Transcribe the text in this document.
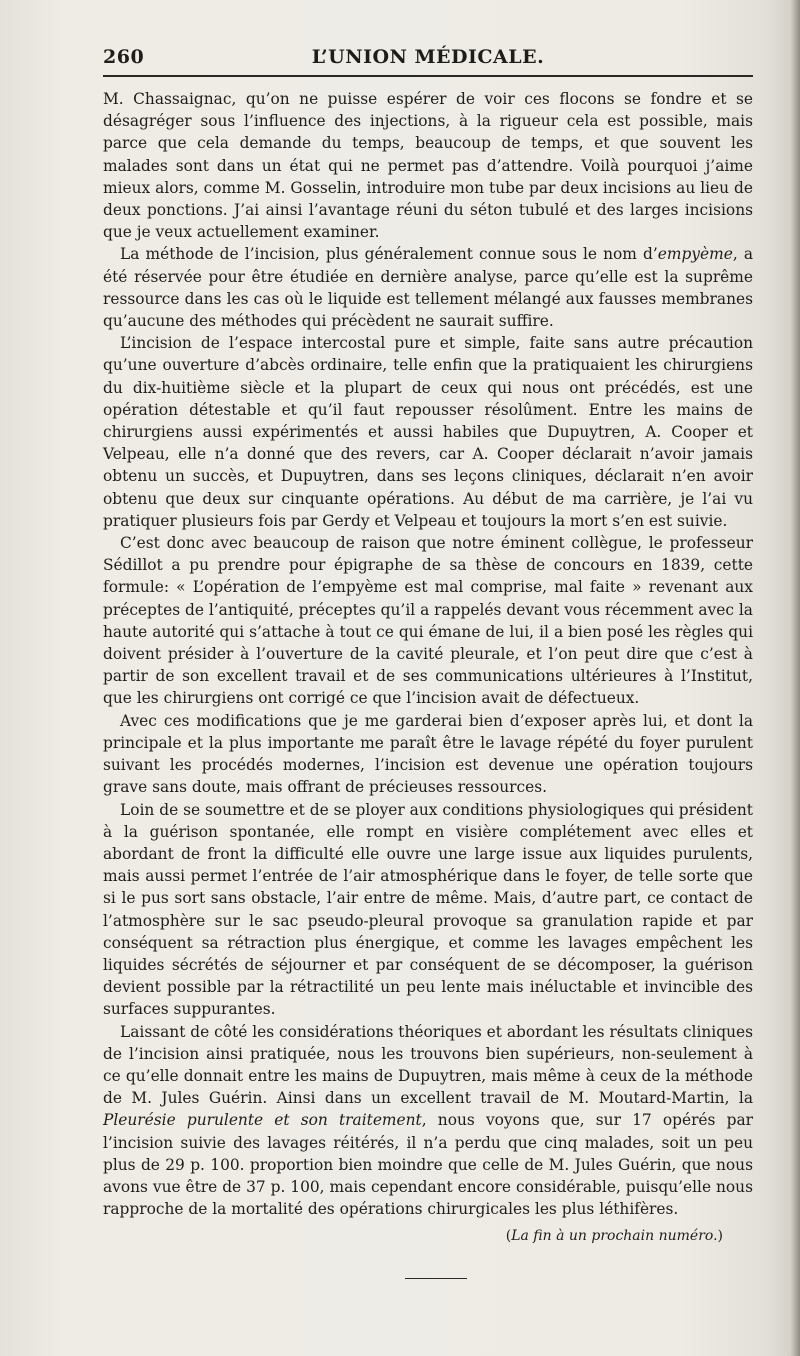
260	L’UNION MÉDICALE.

M. Chassaignac, qu’on ne puisse espérer de voir ces flocons se fondre et se désagréger sous l’influence des injections, à la rigueur cela est possible, mais parce que cela demande du temps, beaucoup de temps, et que souvent les malades sont dans un état qui ne permet pas d’attendre. Voilà pourquoi j’aime mieux alors, comme M. Gosselin, introduire mon tube par deux incisions au lieu de deux ponctions. J’ai ainsi l’avantage réuni du séton tubulé et des larges incisions que je veux actuellement examiner.

La méthode de l’incision, plus généralement connue sous le nom d’empyème, a été réservée pour être étudiée en dernière analyse, parce qu’elle est la suprême ressource dans les cas où le liquide est tellement mélangé aux fausses membranes qu’aucune des méthodes qui précèdent ne saurait suffire.

L’incision de l’espace intercostal pure et simple, faite sans autre précaution qu’une ouverture d’abcès ordinaire, telle enfin que la pratiquaient les chirurgiens du dix-huitième siècle et la plupart de ceux qui nous ont précédés, est une opération détestable et qu’il faut repousser résolûment. Entre les mains de chirurgiens aussi expérimentés et aussi habiles que Dupuytren, A. Cooper et Velpeau, elle n’a donné que des revers, car A. Cooper déclarait n’avoir jamais obtenu un succès, et Dupuytren, dans ses leçons cliniques, déclarait n’en avoir obtenu que deux sur cinquante opérations. Au début de ma carrière, je l’ai vu pratiquer plusieurs fois par Gerdy et Velpeau et toujours la mort s’en est suivie.

C’est donc avec beaucoup de raison que notre éminent collègue, le professeur Sédillot a pu prendre pour épigraphe de sa thèse de concours en 1839, cette formule: « L’opération de l’empyème est mal comprise, mal faite » revenant aux préceptes de l’antiquité, préceptes qu’il a rappelés devant vous récemment avec la haute autorité qui s’attache à tout ce qui émane de lui, il a bien posé les règles qui doivent présider à l’ouverture de la cavité pleurale, et l’on peut dire que c’est à partir de son excellent travail et de ses communications ultérieures à l’Institut, que les chirurgiens ont corrigé ce que l’incision avait de défectueux.

Avec ces modifications que je me garderai bien d’exposer après lui, et dont la principale et la plus importante me paraît être le lavage répété du foyer purulent suivant les procédés modernes, l’incision est devenue une opération toujours grave sans doute, mais offrant de précieuses ressources.

Loin de se soumettre et de se ployer aux conditions physiologiques qui président à la guérison spontanée, elle rompt en visière complétement avec elles et abordant de front la difficulté elle ouvre une large issue aux liquides purulents, mais aussi permet l’entrée de l’air atmosphérique dans le foyer, de telle sorte que si le pus sort sans obstacle, l’air entre de même. Mais, d’autre part, ce contact de l’atmosphère sur le sac pseudo-pleural provoque sa granulation rapide et par conséquent sa rétraction plus énergique, et comme les lavages empêchent les liquides sécrétés de séjourner et par conséquent de se décomposer, la guérison devient possible par la rétractilité un peu lente mais inéluctable et invincible des surfaces suppurantes.

Laissant de côté les considérations théoriques et abordant les résultats cliniques de l’incision ainsi pratiquée, nous les trouvons bien supérieurs, non-seulement à ce qu’elle donnait entre les mains de Dupuytren, mais même à ceux de la méthode de M. Jules Guérin. Ainsi dans un excellent travail de M. Moutard-Martin, la Pleurésie purulente et son traitement, nous voyons que, sur 17 opérés par l’incision suivie des lavages réitérés, il n’a perdu que cinq malades, soit un peu plus de 29 p. 100. proportion bien moindre que celle de M. Jules Guérin, que nous avons vue être de 37 p. 100, mais cependant encore considérable, puisqu’elle nous rapproche de la mortalité des opérations chirurgicales les plus léthifères.

(La fin à un prochain numéro.)
